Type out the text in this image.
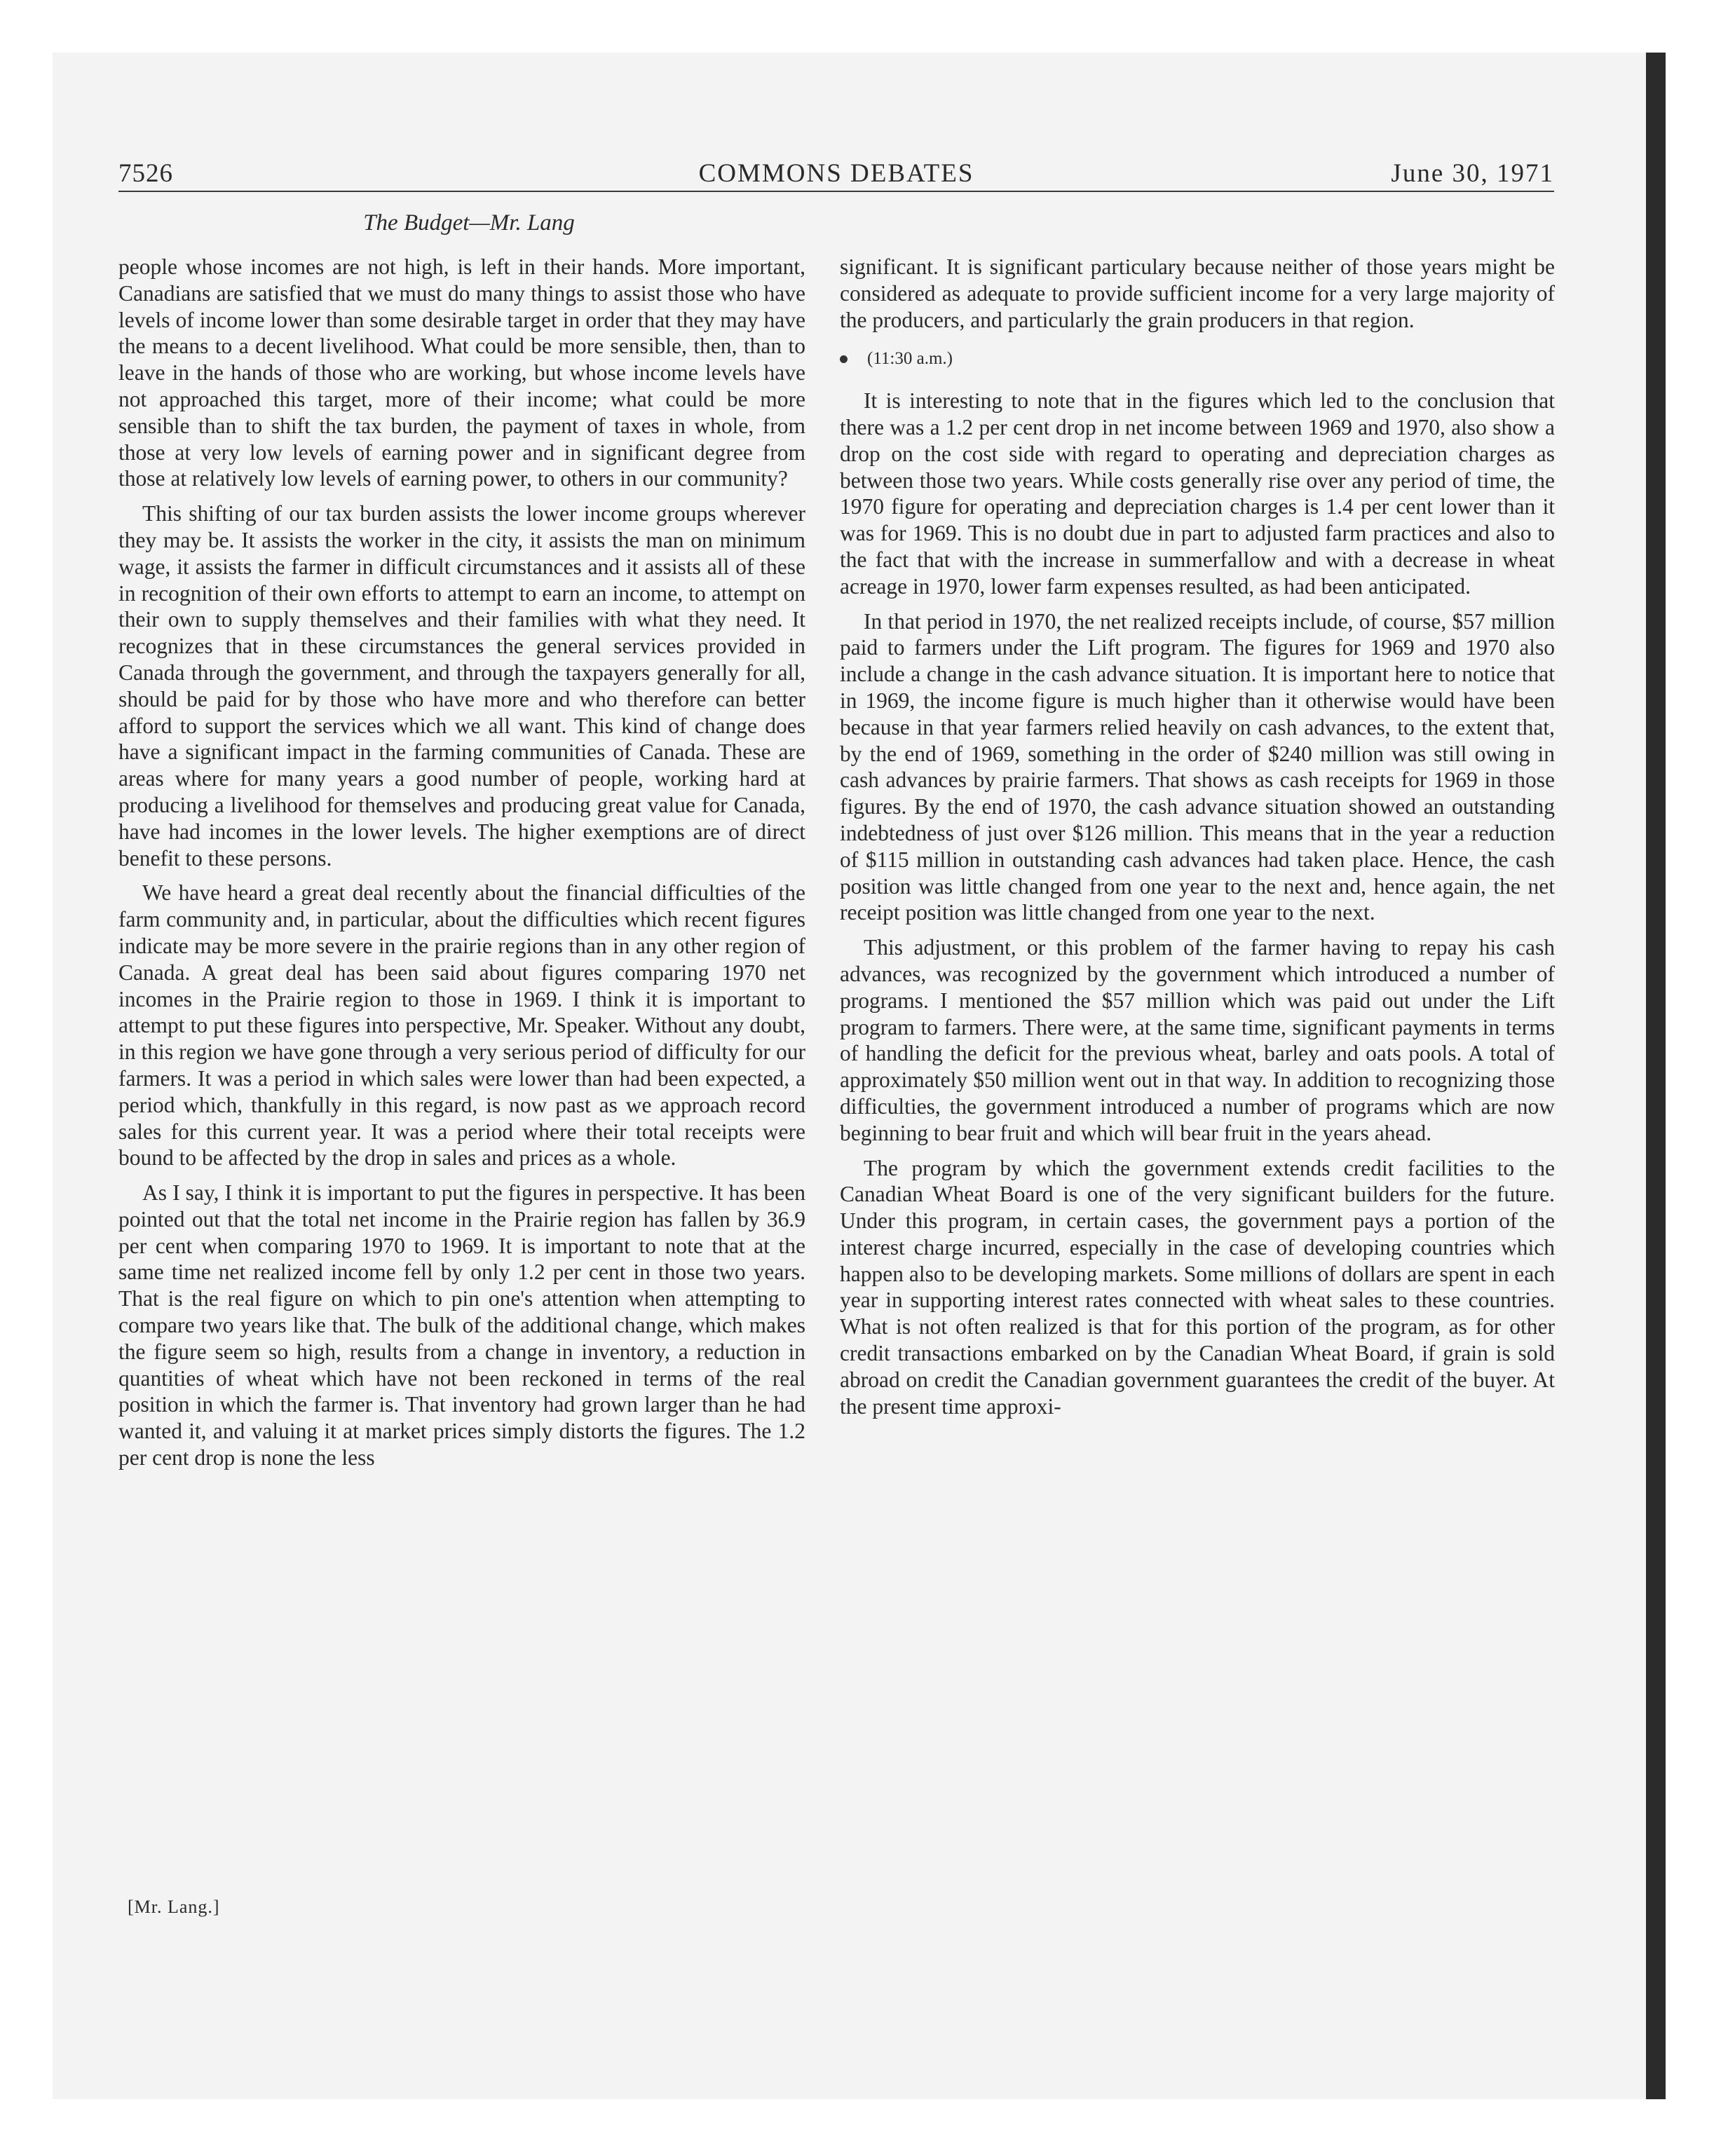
7526	COMMONS DEBATES	June 30, 1971
The Budget—Mr. Lang

people whose incomes are not high, is left in their hands. More important, Canadians are satisfied that we must do many things to assist those who have levels of income lower than some desirable target in order that they may have the means to a decent livelihood. What could be more sensible, then, than to leave in the hands of those who are working, but whose income levels have not approached this target, more of their income; what could be more sensible than to shift the tax burden, the payment of taxes in whole, from those at very low levels of earning power and in significant degree from those at relatively low levels of earning power, to others in our community?

This shifting of our tax burden assists the lower income groups wherever they may be. It assists the worker in the city, it assists the man on minimum wage, it assists the farmer in difficult circumstances and it assists all of these in recognition of their own efforts to attempt to earn an income, to attempt on their own to supply themselves and their families with what they need. It recognizes that in these circumstances the general services provided in Canada through the government, and through the taxpayers generally for all, should be paid for by those who have more and who therefore can better afford to support the services which we all want. This kind of change does have a significant impact in the farming communities of Canada. These are areas where for many years a good number of people, working hard at producing a livelihood for themselves and producing great value for Canada, have had incomes in the lower levels. The higher exemptions are of direct benefit to these persons.

We have heard a great deal recently about the financial difficulties of the farm community and, in particular, about the difficulties which recent figures indicate may be more severe in the prairie regions than in any other region of Canada. A great deal has been said about figures comparing 1970 net incomes in the Prairie region to those in 1969. I think it is important to attempt to put these figures into perspective, Mr. Speaker. Without any doubt, in this region we have gone through a very serious period of difficulty for our farmers. It was a period in which sales were lower than had been expected, a period which, thankfully in this regard, is now past as we approach record sales for this current year. It was a period where their total receipts were bound to be affected by the drop in sales and prices as a whole.

As I say, I think it is important to put the figures in perspective. It has been pointed out that the total net income in the Prairie region has fallen by 36.9 per cent when comparing 1970 to 1969. It is important to note that at the same time net realized income fell by only 1.2 per cent in those two years. That is the real figure on which to pin one's attention when attempting to compare two years like that. The bulk of the additional change, which makes the figure seem so high, results from a change in inventory, a reduction in quantities of wheat which have not been reckoned in terms of the real position in which the farmer is. That inventory had grown larger than he had wanted it, and valuing it at market prices simply distorts the figures. The 1.2 per cent drop is none the less

[Mr. Lang.]

significant. It is significant particulary because neither of those years might be considered as adequate to provide sufficient income for a very large majority of the producers, and particularly the grain producers in that region.

(11:30 a.m.)

It is interesting to note that in the figures which led to the conclusion that there was a 1.2 per cent drop in net income between 1969 and 1970, also show a drop on the cost side with regard to operating and depreciation charges as between those two years. While costs generally rise over any period of time, the 1970 figure for operating and depreciation charges is 1.4 per cent lower than it was for 1969. This is no doubt due in part to adjusted farm practices and also to the fact that with the increase in summerfallow and with a decrease in wheat acreage in 1970, lower farm expenses resulted, as had been anticipated.

In that period in 1970, the net realized receipts include, of course, $57 million paid to farmers under the Lift program. The figures for 1969 and 1970 also include a change in the cash advance situation. It is important here to notice that in 1969, the income figure is much higher than it otherwise would have been because in that year farmers relied heavily on cash advances, to the extent that, by the end of 1969, something in the order of $240 million was still owing in cash advances by prairie farmers. That shows as cash receipts for 1969 in those figures. By the end of 1970, the cash advance situation showed an outstanding indebtedness of just over $126 million. This means that in the year a reduction of $115 million in outstanding cash advances had taken place. Hence, the cash position was little changed from one year to the next and, hence again, the net receipt position was little changed from one year to the next.

This adjustment, or this problem of the farmer having to repay his cash advances, was recognized by the government which introduced a number of programs. I mentioned the $57 million which was paid out under the Lift program to farmers. There were, at the same time, significant payments in terms of handling the deficit for the previous wheat, barley and oats pools. A total of approximately $50 million went out in that way. In addition to recognizing those difficulties, the government introduced a number of programs which are now beginning to bear fruit and which will bear fruit in the years ahead.

The program by which the government extends credit facilities to the Canadian Wheat Board is one of the very significant builders for the future. Under this program, in certain cases, the government pays a portion of the interest charge incurred, especially in the case of developing countries which happen also to be developing markets. Some millions of dollars are spent in each year in supporting interest rates connected with wheat sales to these countries. What is not often realized is that for this portion of the program, as for other credit transactions embarked on by the Canadian Wheat Board, if grain is sold abroad on credit the Canadian government guarantees the credit of the buyer. At the present time approxi-
